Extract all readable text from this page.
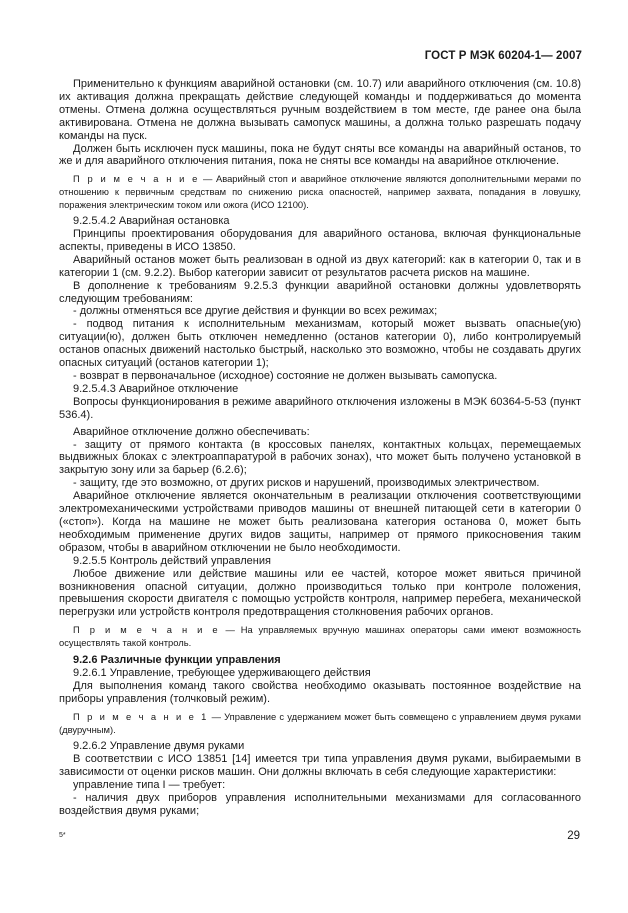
ГОСТ Р МЭК 60204-1— 2007

Применительно к функциям аварийной остановки (см. 10.7) или аварийного отключения (см. 10.8) их активация должна прекращать действие следующей команды и поддерживаться до момента отмены. Отмена должна осуществляться ручным воздействием в том месте, где ранее она была активирована. Отмена не должна вызывать самопуск машины, а должна только разрешать подачу команды на пуск.

Должен быть исключен пуск машины, пока не будут сняты все команды на аварийный останов, то же и для аварийного отключения питания, пока не сняты все команды на аварийное отключение.

П р и м е ч а н и е — Аварийный стоп и аварийное отключение являются дополнительными мерами по отношению к первичным средствам по снижению риска опасностей, например захвата, попадания в ловушку, поражения электрическим током или ожога (ИСО 12100).

9.2.5.4.2 Аварийная остановка

Принципы проектирования оборудования для аварийного останова, включая функциональные аспекты, приведены в ИСО 13850.

Аварийный останов может быть реализован в одной из двух категорий: как в категории 0, так и в категории 1 (см. 9.2.2). Выбор категории зависит от результатов расчета рисков на машине.

В дополнение к требованиям 9.2.5.3 функции аварийной остановки должны удовлетворять следующим требованиям:

- должны отменяться все другие действия и функции во всех режимах;

- подвод питания к исполнительным механизмам, который может вызвать опасные(ую) ситуации(ю), должен быть отключен немедленно (останов категории 0), либо контролируемый останов опасных движений настолько быстрый, насколько это возможно, чтобы не создавать других опасных ситуаций (останов категории 1);

- возврат в первоначальное (исходное) состояние не должен вызывать самопуска.

9.2.5.4.3 Аварийное отключение

Вопросы функционирования в режиме аварийного отключения изложены в МЭК 60364-5-53 (пункт 536.4).

Аварийное отключение должно обеспечивать:

- защиту от прямого контакта (в кроссовых панелях, контактных кольцах, перемещаемых выдвижных блоках с электроаппаратурой в рабочих зонах), что может быть получено установкой в закрытую зону или за барьер (6.2.6);

- защиту, где это возможно, от других рисков и нарушений, производимых электричеством.

Аварийное отключение является окончательным в реализации отключения соответствующими электромеханическими устройствами приводов машины от внешней питающей сети в категории 0 («стоп»). Когда на машине не может быть реализована категория останова 0, может быть необходимым применение других видов защиты, например от прямого прикосновения таким образом, чтобы в аварийном отключении не было необходимости.

9.2.5.5 Контроль действий управления

Любое движение или действие машины или ее частей, которое может явиться причиной возникновения опасной ситуации, должно производиться только при контроле положения, превышения скорости двигателя с помощью устройств контроля, например перебега, механической перегрузки или устройств контроля предотвращения столкновения рабочих органов.

П р и м е ч а н и е — На управляемых вручную машинах операторы сами имеют возможность осуществлять такой контроль.

9.2.6 Различные функции управления

9.2.6.1 Управление, требующее удерживающего действия

Для выполнения команд такого свойства необходимо оказывать постоянное воздействие на приборы управления (толчковый режим).

П р и м е ч а н и е 1 — Управление с удержанием может быть совмещено с управлением двумя руками (двуручным).

9.2.6.2 Управление двумя руками

В соответствии с ИСО 13851 [14] имеется три типа управления двумя руками, выбираемыми в зависимости от оценки рисков машин. Они должны включать в себя следующие характеристики:

управление типа I — требует:

- наличия двух приборов управления исполнительными механизмами для согласованного воздействия двумя руками;

5*	29
